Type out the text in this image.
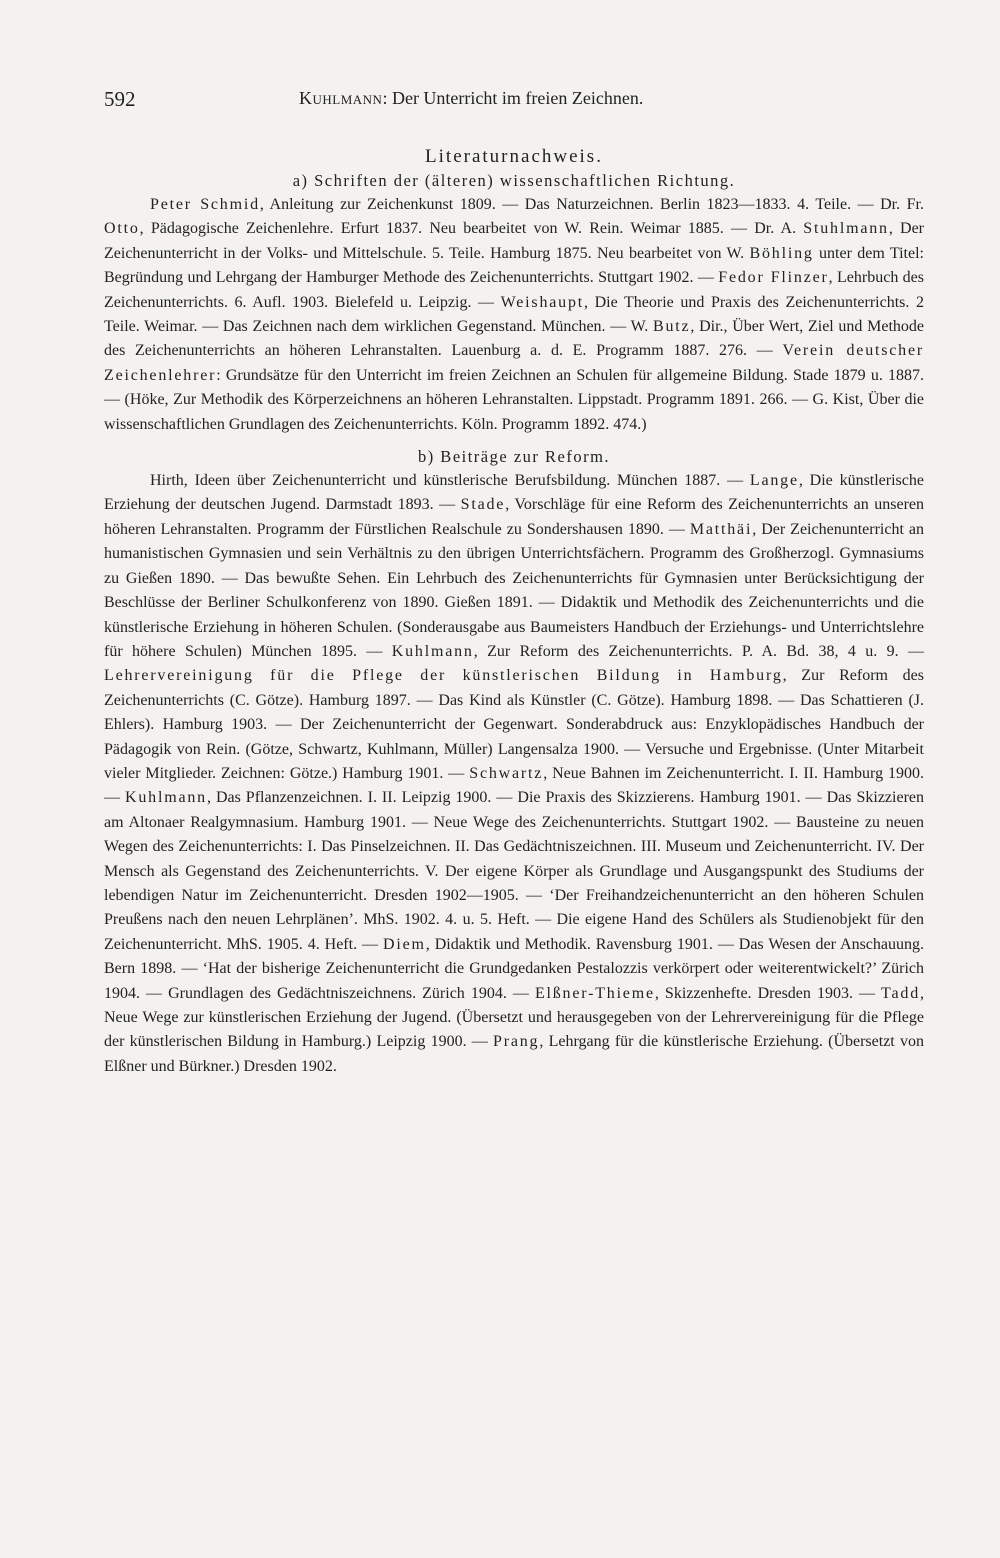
592	Kuhlmann: Der Unterricht im freien Zeichnen.

Literaturnachweis.

a) Schriften der (älteren) wissenschaftlichen Richtung.

Peter Schmid, Anleitung zur Zeichenkunst 1809. — Das Naturzeichnen. Berlin 1823—1833. 4. Teile. — Dr. Fr. Otto, Pädagogische Zeichenlehre. Erfurt 1837. Neu bearbeitet von W. Rein. Weimar 1885. — Dr. A. Stuhlmann, Der Zeichenunterricht in der Volks- und Mittelschule. 5. Teile. Hamburg 1875. Neu bearbeitet von W. Böhling unter dem Titel: Begründung und Lehrgang der Hamburger Methode des Zeichenunterrichts. Stuttgart 1902. — Fedor Flinzer, Lehrbuch des Zeichenunterrichts. 6. Aufl. 1903. Bielefeld u. Leipzig. — Weishaupt, Die Theorie und Praxis des Zeichenunterrichts. 2 Teile. Weimar. — Das Zeichnen nach dem wirklichen Gegenstand. München. — W. Butz, Dir., Über Wert, Ziel und Methode des Zeichenunterrichts an höheren Lehranstalten. Lauenburg a. d. E. Programm 1887. 276. — Verein deutscher Zeichenlehrer: Grundsätze für den Unterricht im freien Zeichnen an Schulen für allgemeine Bildung. Stade 1879 u. 1887. — (Höke, Zur Methodik des Körperzeichnens an höheren Lehranstalten. Lippstadt. Programm 1891. 266. — G. Kist, Über die wissenschaftlichen Grundlagen des Zeichenunterrichts. Köln. Programm 1892. 474.)

b) Beiträge zur Reform.

Hirth, Ideen über Zeichenunterricht und künstlerische Berufsbildung. München 1887. — Lange, Die künstlerische Erziehung der deutschen Jugend. Darmstadt 1893. — Stade, Vorschläge für eine Reform des Zeichenunterrichts an unseren höheren Lehranstalten. Programm der Fürstlichen Realschule zu Sondershausen 1890. — Matthäi, Der Zeichenunterricht an humanistischen Gymnasien und sein Verhältnis zu den übrigen Unterrichtsfächern. Programm des Großherzogl. Gymnasiums zu Gießen 1890. — Das bewußte Sehen. Ein Lehrbuch des Zeichenunterrichts für Gymnasien unter Berücksichtigung der Beschlüsse der Berliner Schulkonferenz von 1890. Gießen 1891. — Didaktik und Methodik des Zeichenunterrichts und die künstlerische Erziehung in höheren Schulen. (Sonderausgabe aus Baumeisters Handbuch der Erziehungs- und Unterrichtslehre für höhere Schulen) München 1895. — Kuhlmann, Zur Reform des Zeichenunterrichts. P. A. Bd. 38, 4 u. 9. — Lehrervereinigung für die Pflege der künstlerischen Bildung in Hamburg, Zur Reform des Zeichenunterrichts (C. Götze). Hamburg 1897. — Das Kind als Künstler (C. Götze). Hamburg 1898. — Das Schattieren (J. Ehlers). Hamburg 1903. — Der Zeichenunterricht der Gegenwart. Sonderabdruck aus: Enzyklopädisches Handbuch der Pädagogik von Rein. (Götze, Schwartz, Kuhlmann, Müller) Langensalza 1900. — Versuche und Ergebnisse. (Unter Mitarbeit vieler Mitglieder. Zeichnen: Götze.) Hamburg 1901. — Schwartz, Neue Bahnen im Zeichenunterricht. I. II. Hamburg 1900. — Kuhlmann, Das Pflanzenzeichnen. I. II. Leipzig 1900. — Die Praxis des Skizzierens. Hamburg 1901. — Das Skizzieren am Altonaer Realgymnasium. Hamburg 1901. — Neue Wege des Zeichenunterrichts. Stuttgart 1902. — Bausteine zu neuen Wegen des Zeichenunterrichts: I. Das Pinselzeichnen. II. Das Gedächtniszeichnen. III. Museum und Zeichenunterricht. IV. Der Mensch als Gegenstand des Zeichenunterrichts. V. Der eigene Körper als Grundlage und Ausgangspunkt des Studiums der lebendigen Natur im Zeichenunterricht. Dresden 1902—1905. — ‘Der Freihandzeichenunterricht an den höheren Schulen Preußens nach den neuen Lehrplänen’. MhS. 1902. 4. u. 5. Heft. — Die eigene Hand des Schülers als Studienobjekt für den Zeichenunterricht. MhS. 1905. 4. Heft. — Diem, Didaktik und Methodik. Ravensburg 1901. — Das Wesen der Anschauung. Bern 1898. — ‘Hat der bisherige Zeichenunterricht die Grundgedanken Pestalozzis verkörpert oder weiterentwickelt?’ Zürich 1904. — Grundlagen des Gedächtniszeichnens. Zürich 1904. — Elßner-Thieme, Skizzenhefte. Dresden 1903. — Tadd, Neue Wege zur künstlerischen Erziehung der Jugend. (Übersetzt und herausgegeben von der Lehrervereinigung für die Pflege der künstlerischen Bildung in Hamburg.) Leipzig 1900. — Prang, Lehrgang für die künstlerische Erziehung. (Übersetzt von Elßner und Bürkner.) Dresden 1902.
